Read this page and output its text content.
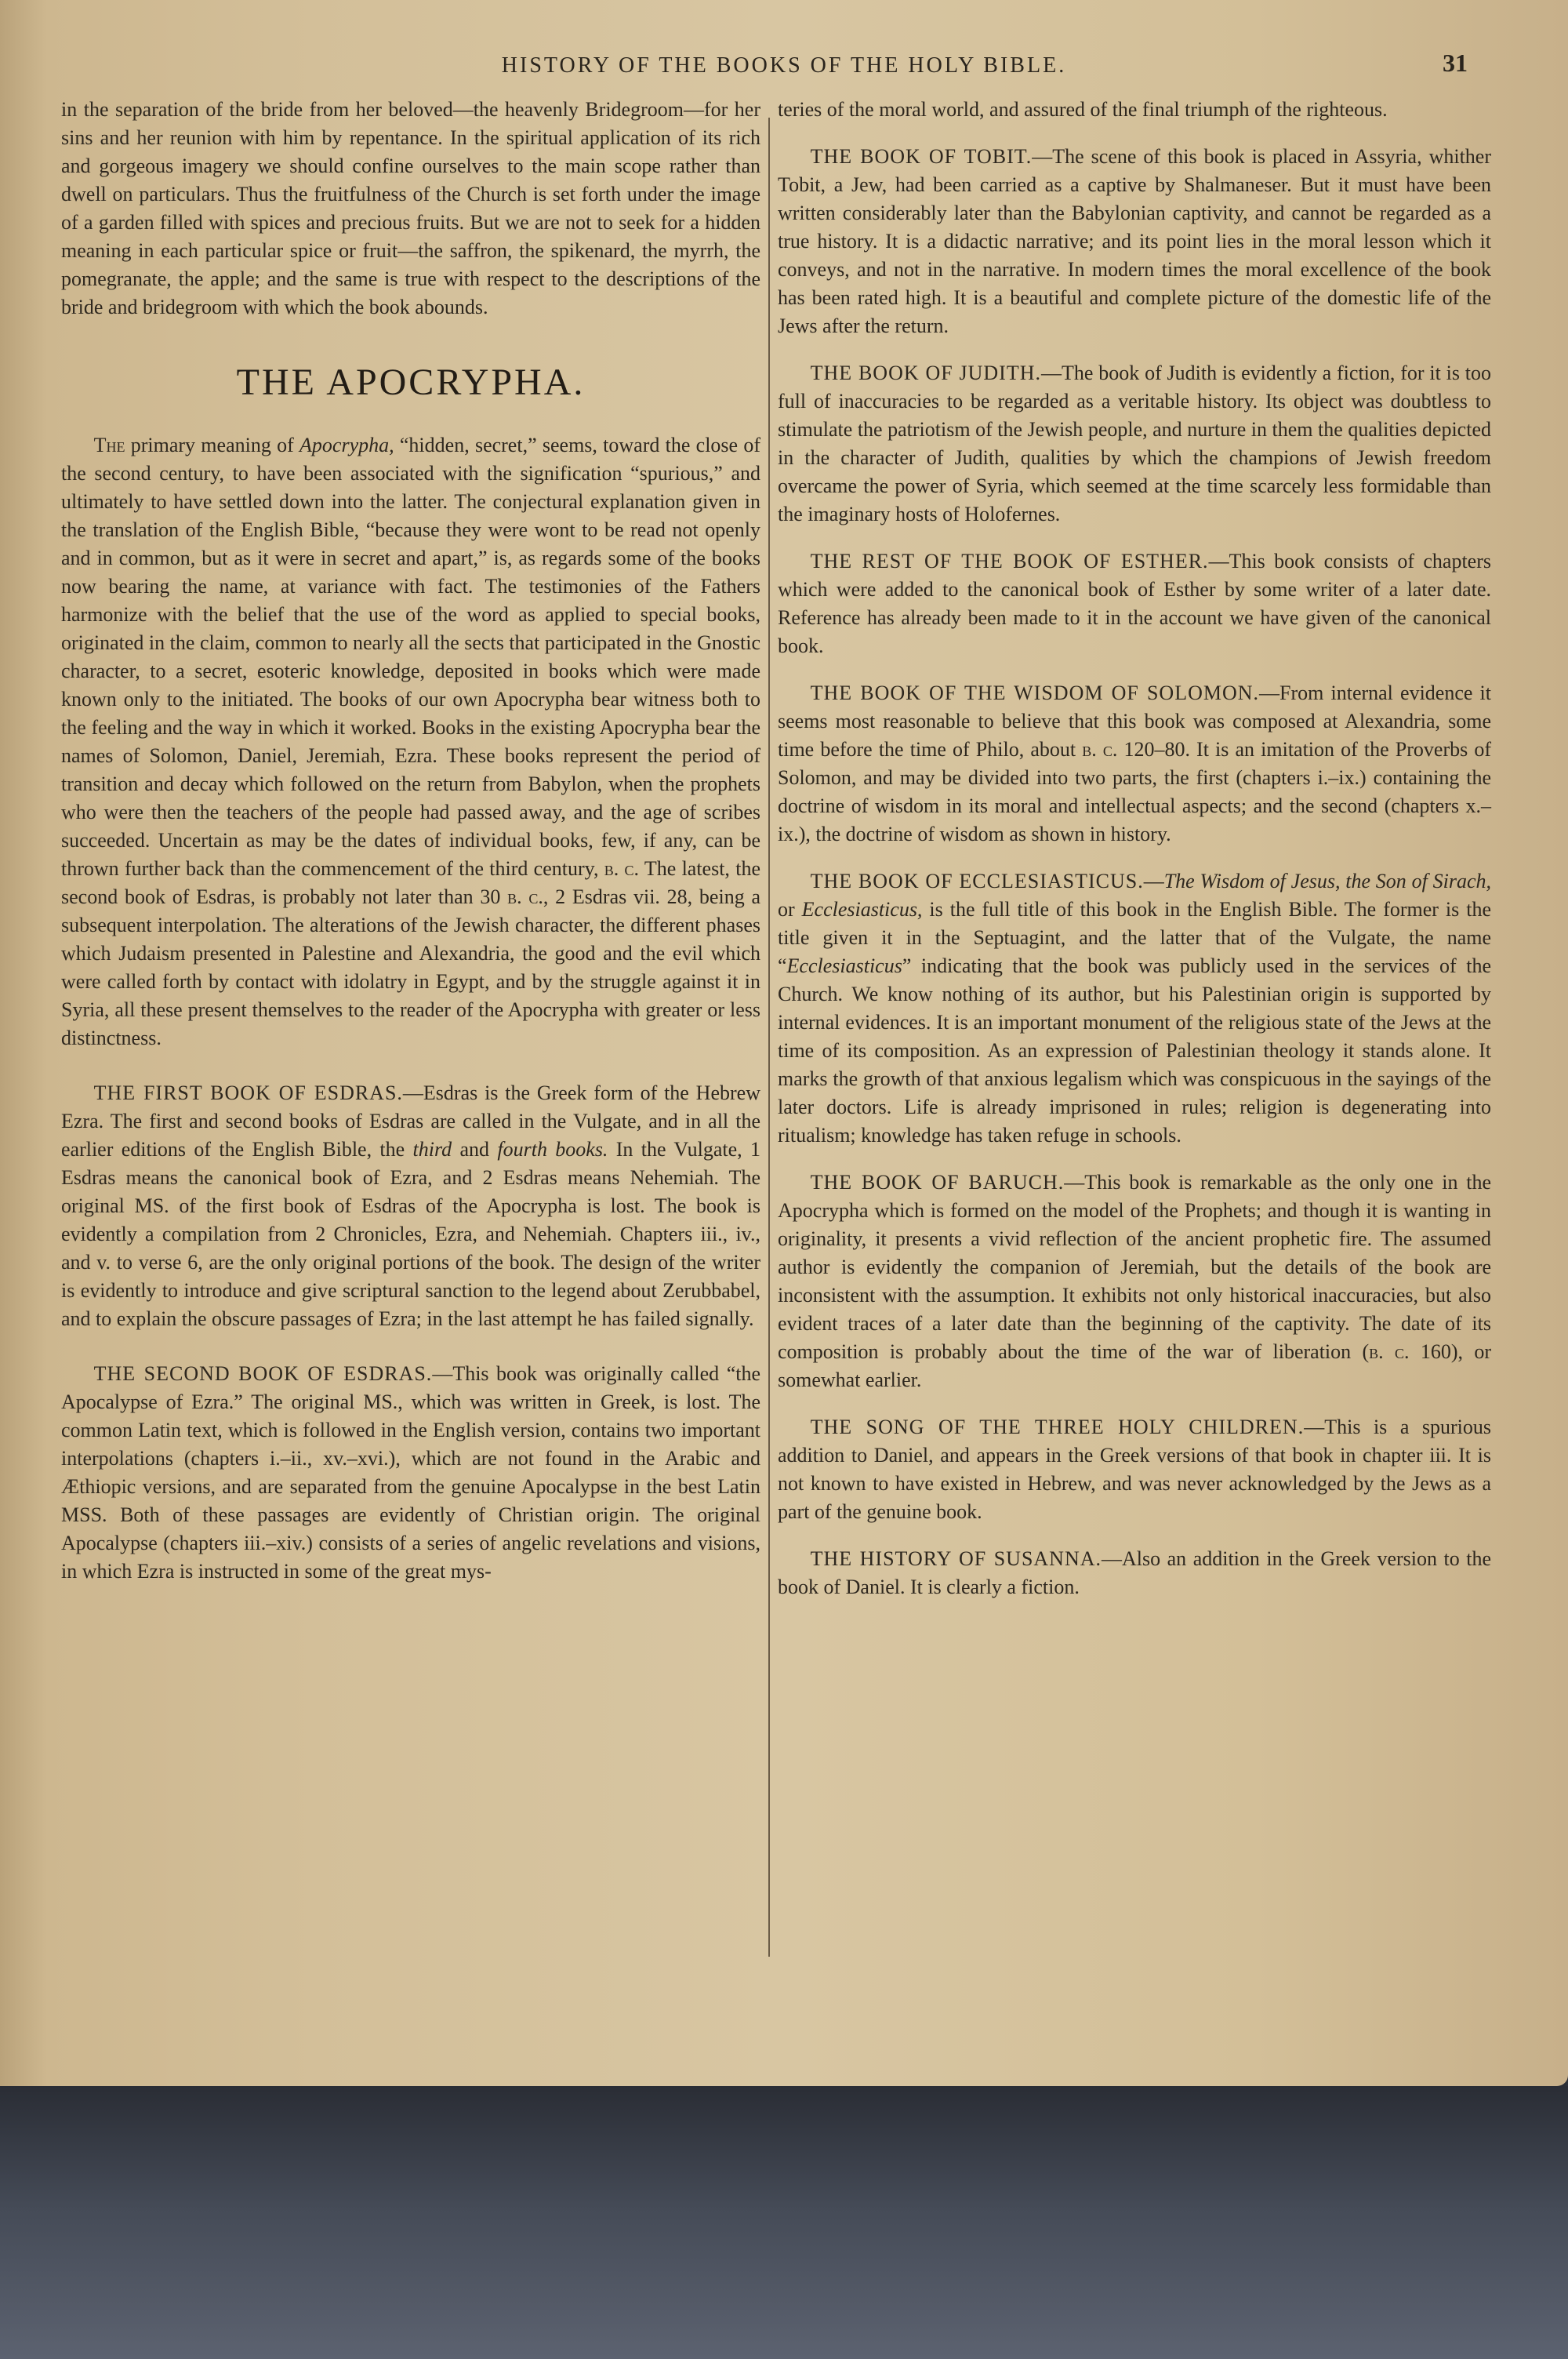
HISTORY OF THE BOOKS OF THE HOLY BIBLE.	31

in the separation of the bride from her beloved—the heavenly Bridegroom—for her sins and her reunion with him by repentance. In the spiritual application of its rich and gorgeous imagery we should confine ourselves to the main scope rather than dwell on particulars. Thus the fruitfulness of the Church is set forth under the image of a garden filled with spices and precious fruits. But we are not to seek for a hidden meaning in each particular spice or fruit—the saffron, the spikenard, the myrrh, the pomegranate, the apple; and the same is true with respect to the descriptions of the bride and bridegroom with which the book abounds.

THE APOCRYPHA.

The primary meaning of Apocrypha, “hidden, secret,” seems, toward the close of the second century, to have been associated with the signification “spurious,” and ultimately to have settled down into the latter. The conjectural explanation given in the translation of the English Bible, “because they were wont to be read not openly and in common, but as it were in secret and apart,” is, as regards some of the books now bearing the name, at variance with fact. The testimonies of the Fathers harmonize with the belief that the use of the word as applied to special books, originated in the claim, common to nearly all the sects that participated in the Gnostic character, to a secret, esoteric knowledge, deposited in books which were made known only to the initiated. The books of our own Apocrypha bear witness both to the feeling and the way in which it worked. Books in the existing Apocrypha bear the names of Solomon, Daniel, Jeremiah, Ezra. These books represent the period of transition and decay which followed on the return from Babylon, when the prophets who were then the teachers of the people had passed away, and the age of scribes succeeded. Uncertain as may be the dates of individual books, few, if any, can be thrown further back than the commencement of the third century, b. c. The latest, the second book of Esdras, is probably not later than 30 b. c., 2 Esdras vii. 28, being a subsequent interpolation. The alterations of the Jewish character, the different phases which Judaism presented in Palestine and Alexandria, the good and the evil which were called forth by contact with idolatry in Egypt, and by the struggle against it in Syria, all these present themselves to the reader of the Apocrypha with greater or less distinctness.

THE FIRST BOOK OF ESDRAS.—Esdras is the Greek form of the Hebrew Ezra. The first and second books of Esdras are called in the Vulgate, and in all the earlier editions of the English Bible, the third and fourth books. In the Vulgate, 1 Esdras means the canonical book of Ezra, and 2 Esdras means Nehemiah. The original MS. of the first book of Esdras of the Apocrypha is lost. The book is evidently a compilation from 2 Chronicles, Ezra, and Nehemiah. Chapters iii., iv., and v. to verse 6, are the only original portions of the book. The design of the writer is evidently to introduce and give scriptural sanction to the legend about Zerubbabel, and to explain the obscure passages of Ezra; in the last attempt he has failed signally.

THE SECOND BOOK OF ESDRAS.—This book was originally called “the Apocalypse of Ezra.” The original MS., which was written in Greek, is lost. The common Latin text, which is followed in the English version, contains two important interpolations (chapters i.–ii., xv.–xvi.), which are not found in the Arabic and Æthiopic versions, and are separated from the genuine Apocalypse in the best Latin MSS. Both of these passages are evidently of Christian origin. The original Apocalypse (chapters iii.–xiv.) consists of a series of angelic revelations and visions, in which Ezra is instructed in some of the great mys-

teries of the moral world, and assured of the final triumph of the righteous.

THE BOOK OF TOBIT.—The scene of this book is placed in Assyria, whither Tobit, a Jew, had been carried as a captive by Shalmaneser. But it must have been written considerably later than the Babylonian captivity, and cannot be regarded as a true history. It is a didactic narrative; and its point lies in the moral lesson which it conveys, and not in the narrative. In modern times the moral excellence of the book has been rated high. It is a beautiful and complete picture of the domestic life of the Jews after the return.

THE BOOK OF JUDITH.—The book of Judith is evidently a fiction, for it is too full of inaccuracies to be regarded as a veritable history. Its object was doubtless to stimulate the patriotism of the Jewish people, and nurture in them the qualities depicted in the character of Judith, qualities by which the champions of Jewish freedom overcame the power of Syria, which seemed at the time scarcely less formidable than the imaginary hosts of Holofernes.

THE REST OF THE BOOK OF ESTHER.—This book consists of chapters which were added to the canonical book of Esther by some writer of a later date. Reference has already been made to it in the account we have given of the canonical book.

THE BOOK OF THE WISDOM OF SOLOMON.—From internal evidence it seems most reasonable to believe that this book was composed at Alexandria, some time before the time of Philo, about b. c. 120–80. It is an imitation of the Proverbs of Solomon, and may be divided into two parts, the first (chapters i.–ix.) containing the doctrine of wisdom in its moral and intellectual aspects; and the second (chapters x.–ix.), the doctrine of wisdom as shown in history.

THE BOOK OF ECCLESIASTICUS.—The Wisdom of Jesus, the Son of Sirach, or Ecclesiasticus, is the full title of this book in the English Bible. The former is the title given it in the Septuagint, and the latter that of the Vulgate, the name “Ecclesiasticus” indicating that the book was publicly used in the services of the Church. We know nothing of its author, but his Palestinian origin is supported by internal evidences. It is an important monument of the religious state of the Jews at the time of its composition. As an expression of Palestinian theology it stands alone. It marks the growth of that anxious legalism which was conspicuous in the sayings of the later doctors. Life is already imprisoned in rules; religion is degenerating into ritualism; knowledge has taken refuge in schools.

THE BOOK OF BARUCH.—This book is remarkable as the only one in the Apocrypha which is formed on the model of the Prophets; and though it is wanting in originality, it presents a vivid reflection of the ancient prophetic fire. The assumed author is evidently the companion of Jeremiah, but the details of the book are inconsistent with the assumption. It exhibits not only historical inaccuracies, but also evident traces of a later date than the beginning of the captivity. The date of its composition is probably about the time of the war of liberation (b. c. 160), or somewhat earlier.

THE SONG OF THE THREE HOLY CHILDREN.—This is a spurious addition to Daniel, and appears in the Greek versions of that book in chapter iii. It is not known to have existed in Hebrew, and was never acknowledged by the Jews as a part of the genuine book.

THE HISTORY OF SUSANNA.—Also an addition in the Greek version to the book of Daniel. It is clearly a fiction.
